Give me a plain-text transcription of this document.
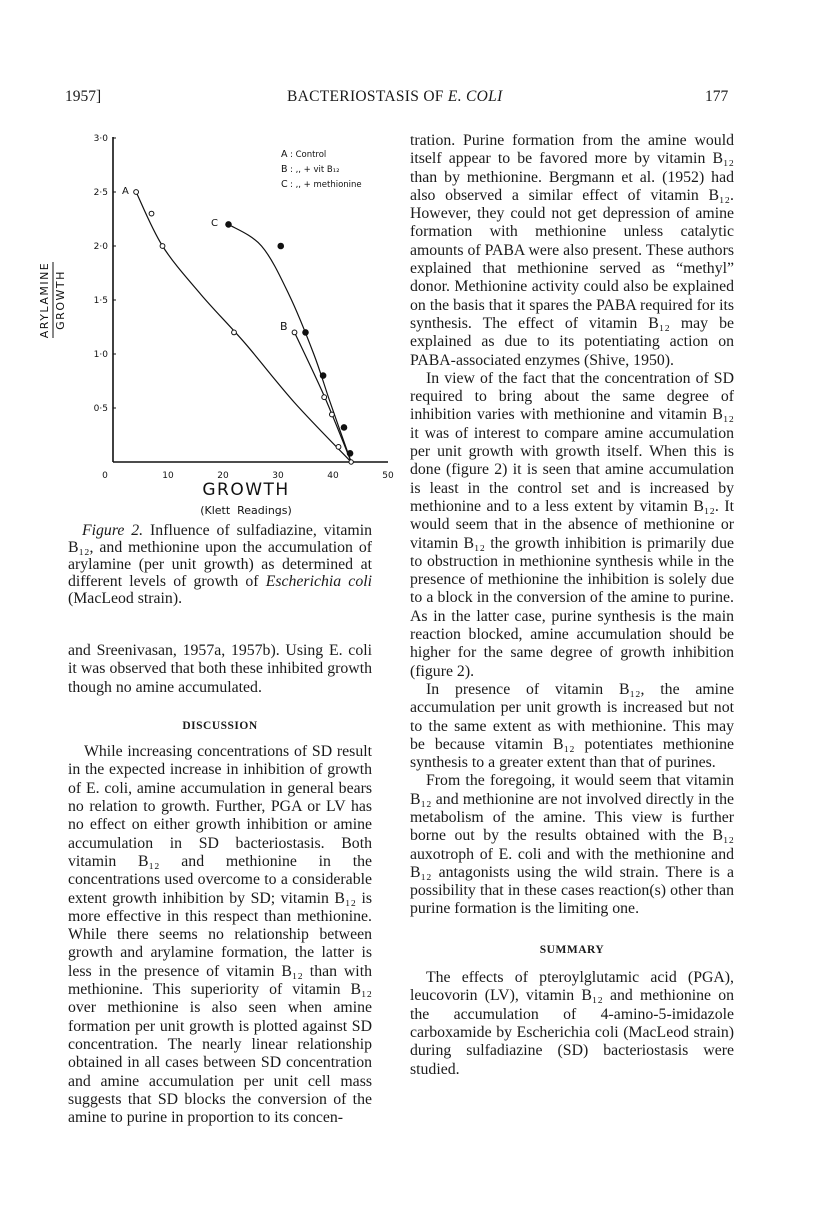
1957]	BACTERIOSTASIS OF E. COLI	177
0	10	20	30	40	50
0·5
1·0
1·5
2·0
2·5
3·0
A
B
C
A : Control
B : ,, + vit B₁₂
C : ,, + methionine
ARYLAMINE GROWTH
GROWTH
(Klett  Readings)
Figure 2. Influence of sulfadiazine, vitamin B₁₂, and methionine upon the accumulation of arylamine (per unit growth) as determined at different levels of growth of Escherichia coli (MacLeod strain).

and Sreenivasan, 1957a, 1957b). Using E. coli it was observed that both these inhibited growth though no amine accumulated.

DISCUSSION

While increasing concentrations of SD result in the expected increase in inhibition of growth of E. coli, amine accumulation in general bears no relation to growth. Further, PGA or LV has no effect on either growth inhibition or amine accumulation in SD bacteriostasis. Both vitamin B₁₂ and methionine in the concentrations used overcome to a considerable extent growth inhibition by SD; vitamin B₁₂ is more effective in this respect than methionine. While there seems no relationship between growth and arylamine formation, the latter is less in the presence of vitamin B₁₂ than with methionine. This superiority of vitamin B₁₂ over methionine is also seen when amine formation per unit growth is plotted against SD concentration. The nearly linear relationship obtained in all cases between SD concentration and amine accumulation per unit cell mass suggests that SD blocks the conversion of the amine to purine in proportion to its concen-

tration. Purine formation from the amine would itself appear to be favored more by vitamin B₁₂ than by methionine. Bergmann et al. (1952) had also observed a similar effect of vitamin B₁₂. However, they could not get depression of amine formation with methionine unless catalytic amounts of PABA were also present. These authors explained that methionine served as “methyl” donor. Methionine activity could also be explained on the basis that it spares the PABA required for its synthesis. The effect of vitamin B₁₂ may be explained as due to its potentiating action on PABA-associated enzymes (Shive, 1950).

In view of the fact that the concentration of SD required to bring about the same degree of inhibition varies with methionine and vitamin B₁₂ it was of interest to compare amine accumulation per unit growth with growth itself. When this is done (figure 2) it is seen that amine accumulation is least in the control set and is increased by methionine and to a less extent by vitamin B₁₂. It would seem that in the absence of methionine or vitamin B₁₂ the growth inhibition is primarily due to obstruction in methionine synthesis while in the presence of methionine the inhibition is solely due to a block in the conversion of the amine to purine. As in the latter case, purine synthesis is the main reaction blocked, amine accumulation should be higher for the same degree of growth inhibition (figure 2).

In presence of vitamin B₁₂, the amine accumulation per unit growth is increased but not to the same extent as with methionine. This may be because vitamin B₁₂ potentiates methionine synthesis to a greater extent than that of purines.

From the foregoing, it would seem that vitamin B₁₂ and methionine are not involved directly in the metabolism of the amine. This view is further borne out by the results obtained with the B₁₂ auxotroph of E. coli and with the methionine and B₁₂ antagonists using the wild strain. There is a possibility that in these cases reaction(s) other than purine formation is the limiting one.

SUMMARY

The effects of pteroylglutamic acid (PGA), leucovorin (LV), vitamin B₁₂ and methionine on the accumulation of 4-amino-5-imidazole carboxamide by Escherichia coli (MacLeod strain) during sulfadiazine (SD) bacteriostasis were studied.
